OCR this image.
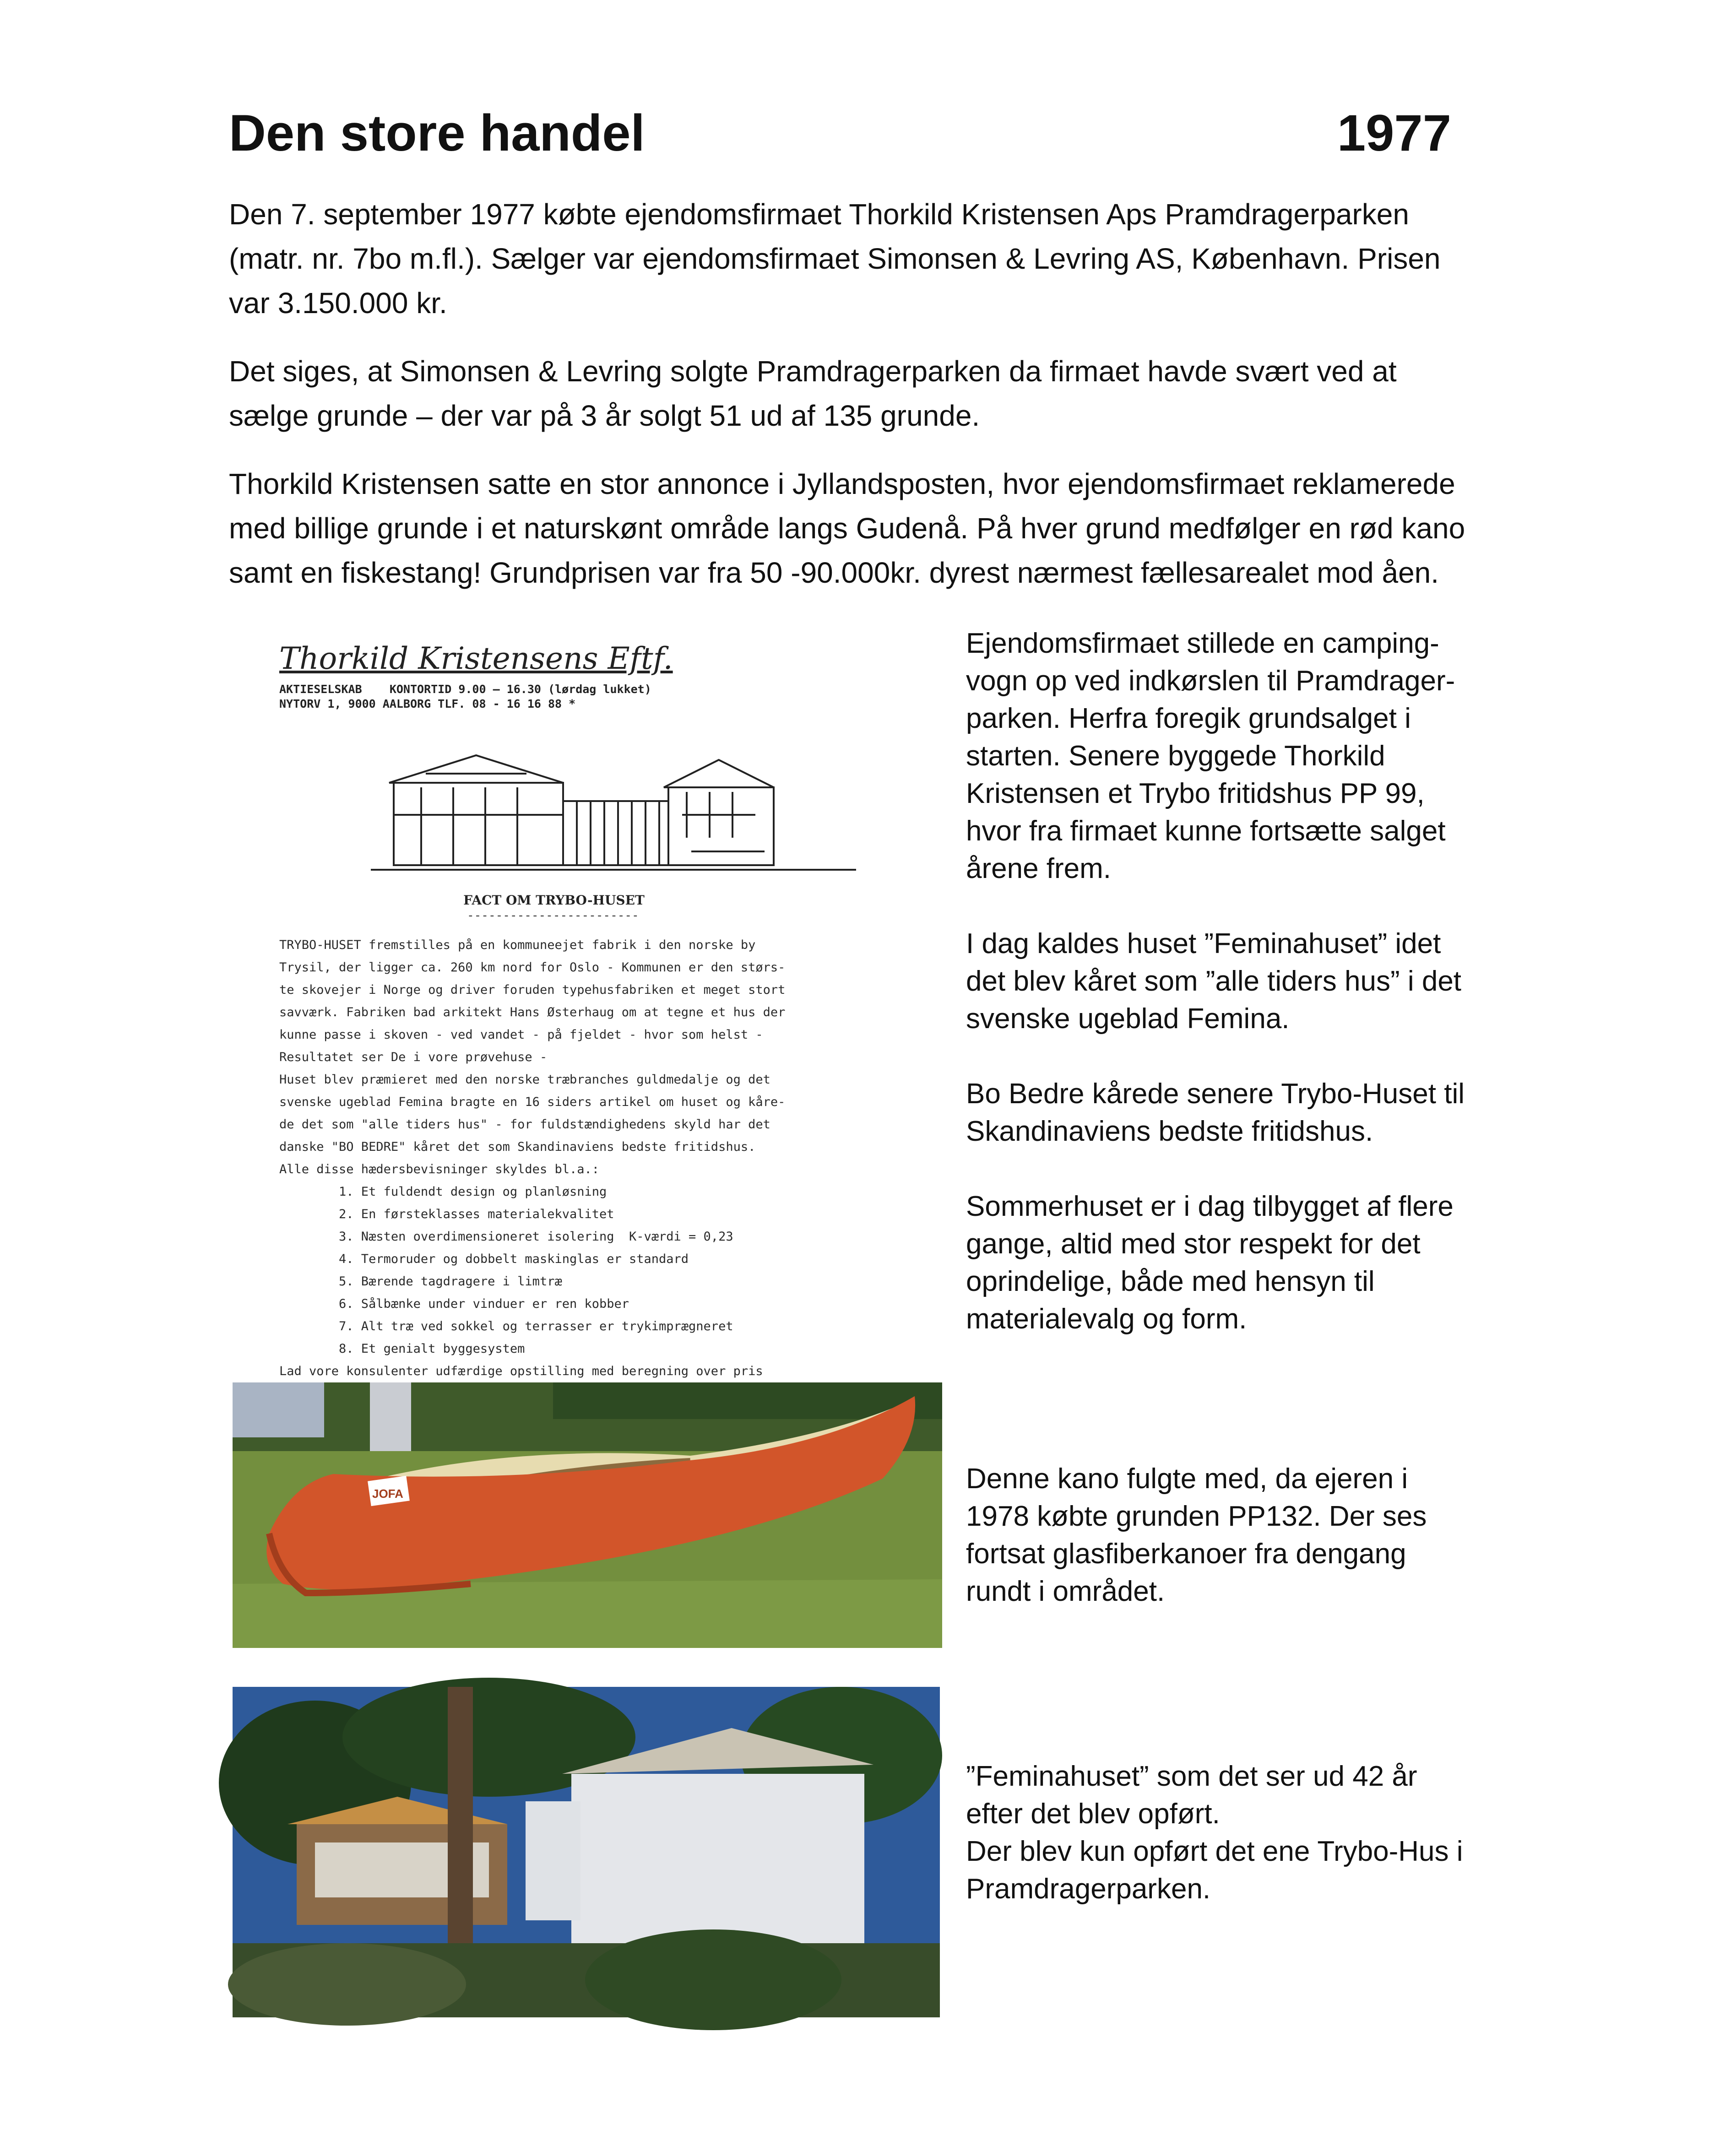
Den store handel	1977

Den 7. september 1977 købte ejendomsfirmaet Thorkild Kristensen Aps Pramdragerparken (matr. nr. 7bo m.fl.). Sælger var ejendomsfirmaet Simonsen & Levring AS, København. Prisen var 3.150.000 kr.

Det siges, at Simonsen & Levring solgte Pramdragerparken da firmaet havde svært ved at sælge grunde – der var på 3 år solgt 51 ud af 135 grunde.

Thorkild Kristensen satte en stor annonce i Jyllandsposten, hvor ejendomsfirmaet reklamerede med billige grunde i et naturskønt område langs Gudenå. På hver grund medfølger en rød kano samt en fiskestang! Grundprisen var fra 50 -90.000kr. dyrest nærmest fællesarealet mod åen.

Thorkild Kristensens Eftf.
AKTIESELSKAB    KONTORTID 9.00 – 16.30 (lørdag lukket)
NYTORV 1, 9000 AALBORG TLF. 08 - 16 16 88 *
FACT OM TRYBO-HUSET
------------------------
TRYBO-HUSET fremstilles på en kommuneejet fabrik i den norske by
Trysil, der ligger ca. 260 km nord for Oslo - Kommunen er den størs-
te skovejer i Norge og driver foruden typehusfabriken et meget stort
savværk. Fabriken bad arkitekt Hans Østerhaug om at tegne et hus der
kunne passe i skoven - ved vandet - på fjeldet - hvor som helst -
Resultatet ser De i vore prøvehuse -
Huset blev præmieret med den norske træbranches guldmedalje og det
svenske ugeblad Femina bragte en 16 siders artikel om huset og kåre-
de det som "alle tiders hus" - for fuldstændighedens skyld har det
danske "BO BEDRE" kåret det som Skandinaviens bedste fritidshus.
Alle disse hædersbevisninger skyldes bl.a.:
1. Et fuldendt design og planløsning
2. En førsteklasses materialekvalitet
3. Næsten overdimensioneret isolering  K-værdi = 0,23
4. Termoruder og dobbelt maskinglas er standard
5. Bærende tagdragere i limtræ
6. Sålbænke under vinduer er ren kobber
7. Alt træ ved sokkel og terrasser er trykimprægneret
8. Et genialt byggesystem
Lad vore konsulenter udfærdige opstilling med beregning over pris

Ejendomsfirmaet stillede en camping-vogn op ved indkørslen til Pramdrager-parken. Herfra foregik grundsalget i starten. Senere byggede Thorkild Kristensen et Trybo fritidshus PP 99, hvor fra firmaet kunne fortsætte salget årene frem.

I dag kaldes huset ”Feminahuset” idet det blev kåret som ”alle tiders hus” i det svenske ugeblad Femina.

Bo Bedre kårede senere Trybo-Huset til Skandinaviens bedste fritidshus.

Sommerhuset er i dag tilbygget af flere gange, altid med stor respekt for det oprindelige, både med hensyn til materialevalg og form.

JOFA	Denne kano fulgte med, da ejeren i 1978 købte grunden PP132. Der ses fortsat glasfiberkanoer fra dengang rundt i området.

”Feminahuset” som det ser ud 42 år efter det blev opført.

Der blev kun opført det ene Trybo-Hus i Pramdragerparken.
